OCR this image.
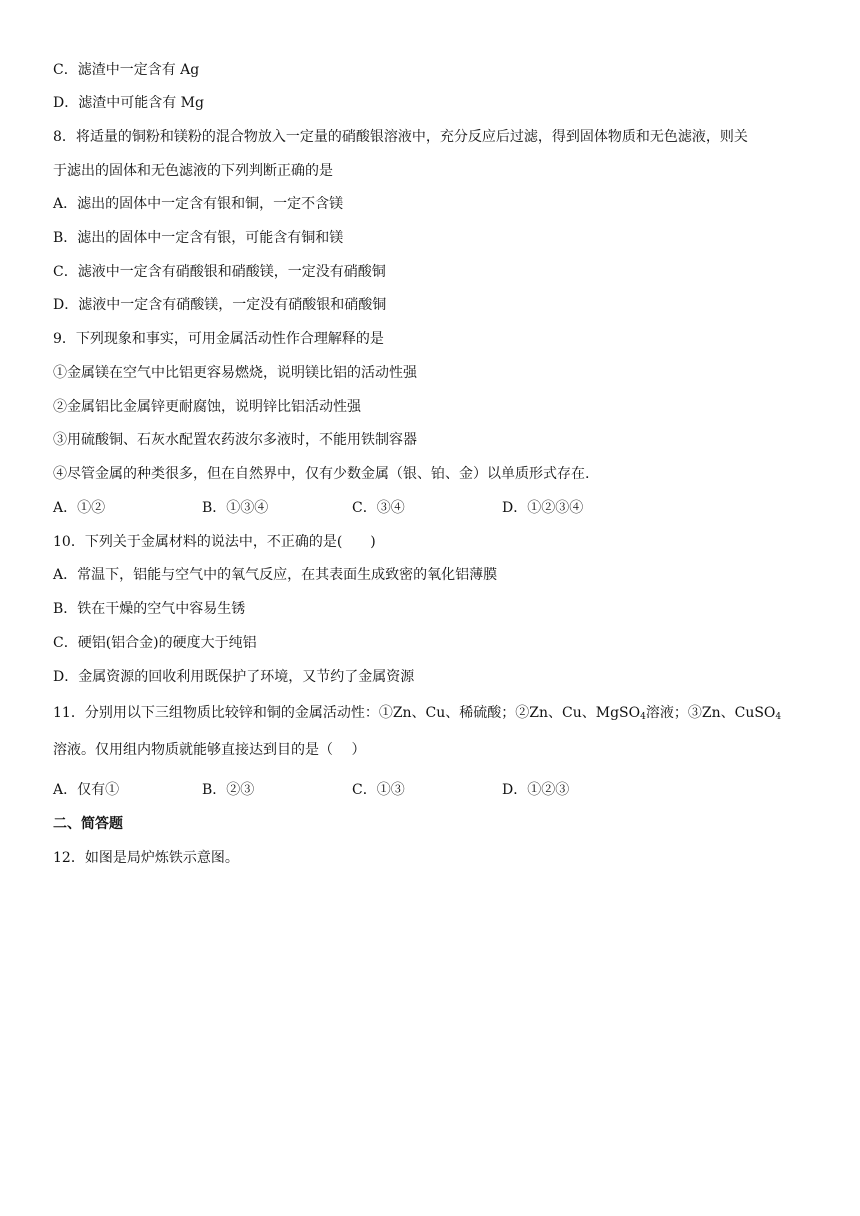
C．滤渣中一定含有 Ag
D．滤渣中可能含有 Mg
8．将适量的铜粉和镁粉的混合物放入一定量的硝酸银溶液中，充分反应后过滤，得到固体物质和无色滤液，则关
于滤出的固体和无色滤液的下列判断正确的是
A．滤出的固体中一定含有银和铜，一定不含镁
B．滤出的固体中一定含有银，可能含有铜和镁
C．滤液中一定含有硝酸银和硝酸镁，一定没有硝酸铜
D．滤液中一定含有硝酸镁，一定没有硝酸银和硝酸铜
9．下列现象和事实，可用金属活动性作合理解释的是
①金属镁在空气中比铝更容易燃烧，说明镁比铝的活动性强
②金属铝比金属锌更耐腐蚀，说明锌比铝活动性强
③用硫酸铜、石灰水配置农药波尔多液时，不能用铁制容器
④尽管金属的种类很多，但在自然界中，仅有少数金属（银、铂、金）以单质形式存在.
A．①②	B．①③④	C．③④	D．①②③④
10．下列关于金属材料的说法中，不正确的是(　　)
A．常温下，铝能与空气中的氧气反应，在其表面生成致密的氧化铝薄膜
B．铁在干燥的空气中容易生锈
C．硬铝(铝合金)的硬度大于纯铝
D．金属资源的回收利用既保护了环境，又节约了金属资源
11．分别用以下三组物质比较锌和铜的金属活动性：①Zn、Cu、稀硫酸；②Zn、Cu、MgSO$_4$溶液；③Zn、CuSO$_4$
溶液。仅用组内物质就能够直接达到目的是（　 ）
A．仅有①	B．②③	C．①③	D．①②③
二、简答题
12．如图是局炉炼铁示意图。
